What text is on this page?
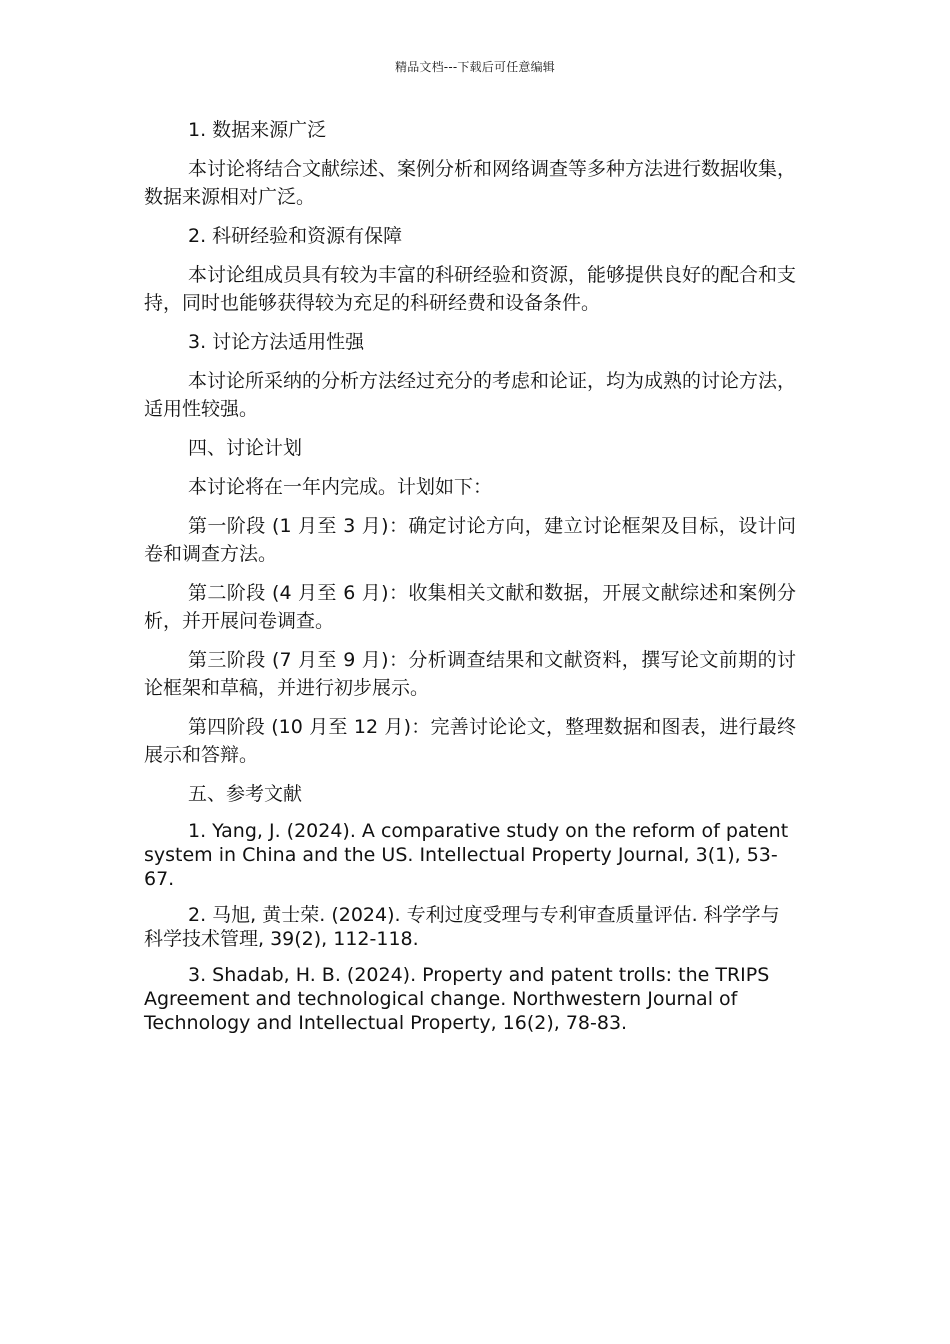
精品文档---下载后可任意编辑

1. 数据来源广泛

本讨论将结合文献综述、案例分析和网络调查等多种方法进行数据收集，数据来源相对广泛。

2. 科研经验和资源有保障

本讨论组成员具有较为丰富的科研经验和资源，能够提供良好的配合和支持，同时也能够获得较为充足的科研经费和设备条件。

3. 讨论方法适用性强

本讨论所采纳的分析方法经过充分的考虑和论证，均为成熟的讨论方法，适用性较强。

四、讨论计划

本讨论将在一年内完成。计划如下：

第一阶段 (1 月至 3 月)：确定讨论方向，建立讨论框架及目标，设计问卷和调查方法。

第二阶段 (4 月至 6 月)：收集相关文献和数据，开展文献综述和案例分析，并开展问卷调查。

第三阶段 (7 月至 9 月)：分析调查结果和文献资料，撰写论文前期的讨论框架和草稿，并进行初步展示。

第四阶段 (10 月至 12 月)：完善讨论论文，整理数据和图表，进行最终展示和答辩。

五、参考文献

1. Yang, J. (2024). A comparative study on the reform of patent system in China and the US. Intellectual Property Journal, 3(1), 53-67.

2. 马旭, 黄士荣. (2024). 专利过度受理与专利审查质量评估. 科学学与科学技术管理, 39(2), 112-118.

3. Shadab, H. B. (2024). Property and patent trolls: the TRIPS Agreement and technological change. Northwestern Journal of Technology and Intellectual Property, 16(2), 78-83.
